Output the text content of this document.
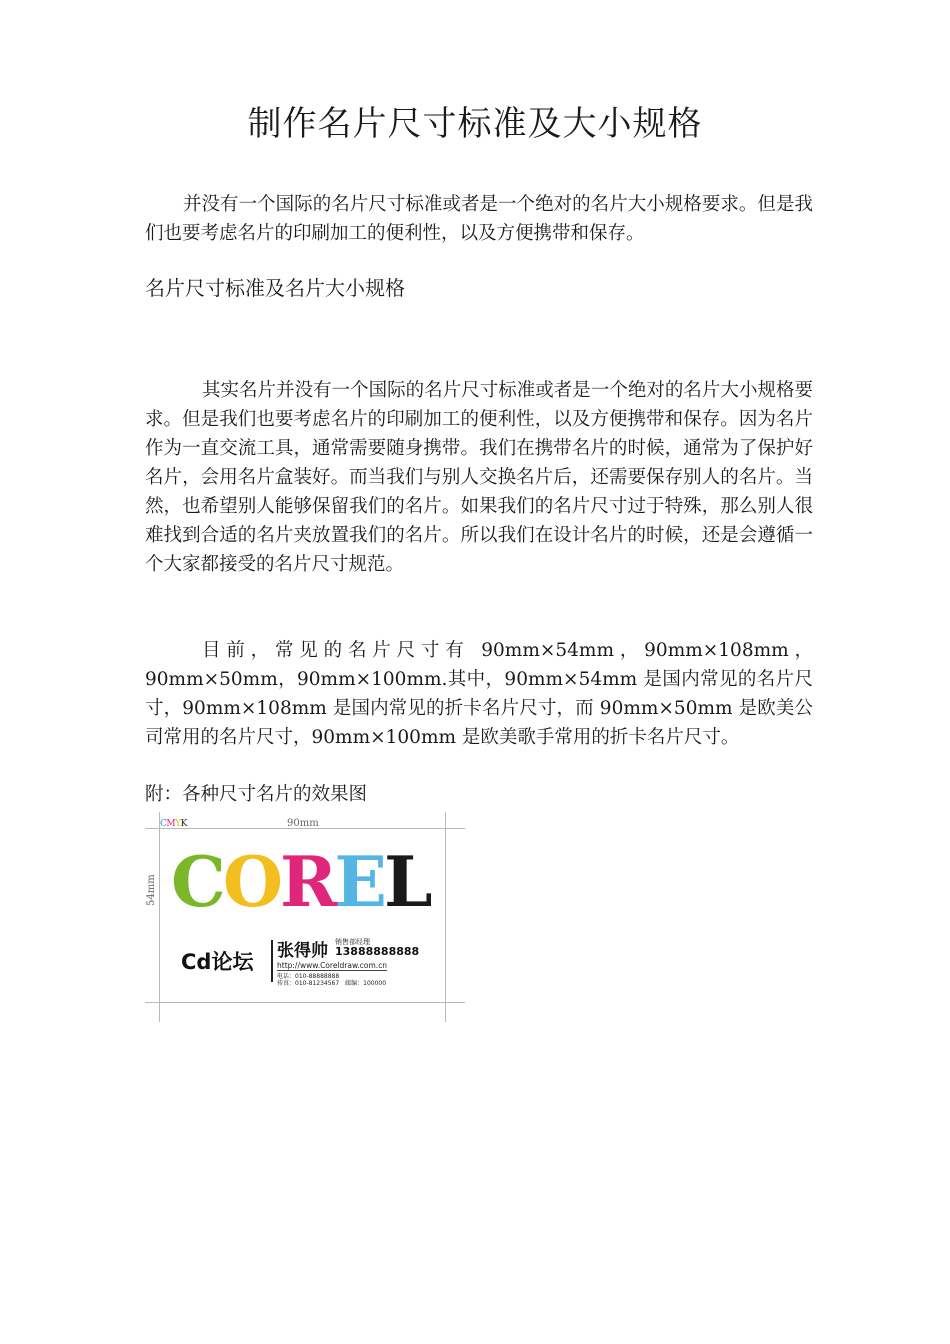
制作名片尺寸标准及大小规格

并没有一个国际的名片尺寸标准或者是一个绝对的名片大小规格要求。但是我们也要考虑名片的印刷加工的便利性，以及方便携带和保存。

名片尺寸标准及名片大小规格

其实名片并没有一个国际的名片尺寸标准或者是一个绝对的名片大小规格要求。但是我们也要考虑名片的印刷加工的便利性，以及方便携带和保存。因为名片作为一直交流工具，通常需要随身携带。我们在携带名片的时候，通常为了保护好名片，会用名片盒装好。而当我们与别人交换名片后，还需要保存别人的名片。当然，也希望别人能够保留我们的名片。如果我们的名片尺寸过于特殊，那么别人很难找到合适的名片夹放置我们的名片。所以我们在设计名片的时候，还是会遵循一个大家都接受的名片尺寸规范。

目前，常见的名片尺寸有 90mm×54mm，90mm×108mm，90mm×50mm，90mm×100mm.其中，90mm×54mm 是国内常见的名片尺寸，90mm×108mm 是国内常见的折卡名片尺寸，而 90mm×50mm 是欧美公司常用的名片尺寸，90mm×100mm 是欧美歌手常用的折卡名片尺寸。

附：各种尺寸名片的效果图

CMYK	90mm
54mm COREL
Cd论坛 张得帅 销售部经理
13888888888
http://www.Coreldraw.com.cn
电话：010-88888888
传真：010-81234567　邮编：100000
